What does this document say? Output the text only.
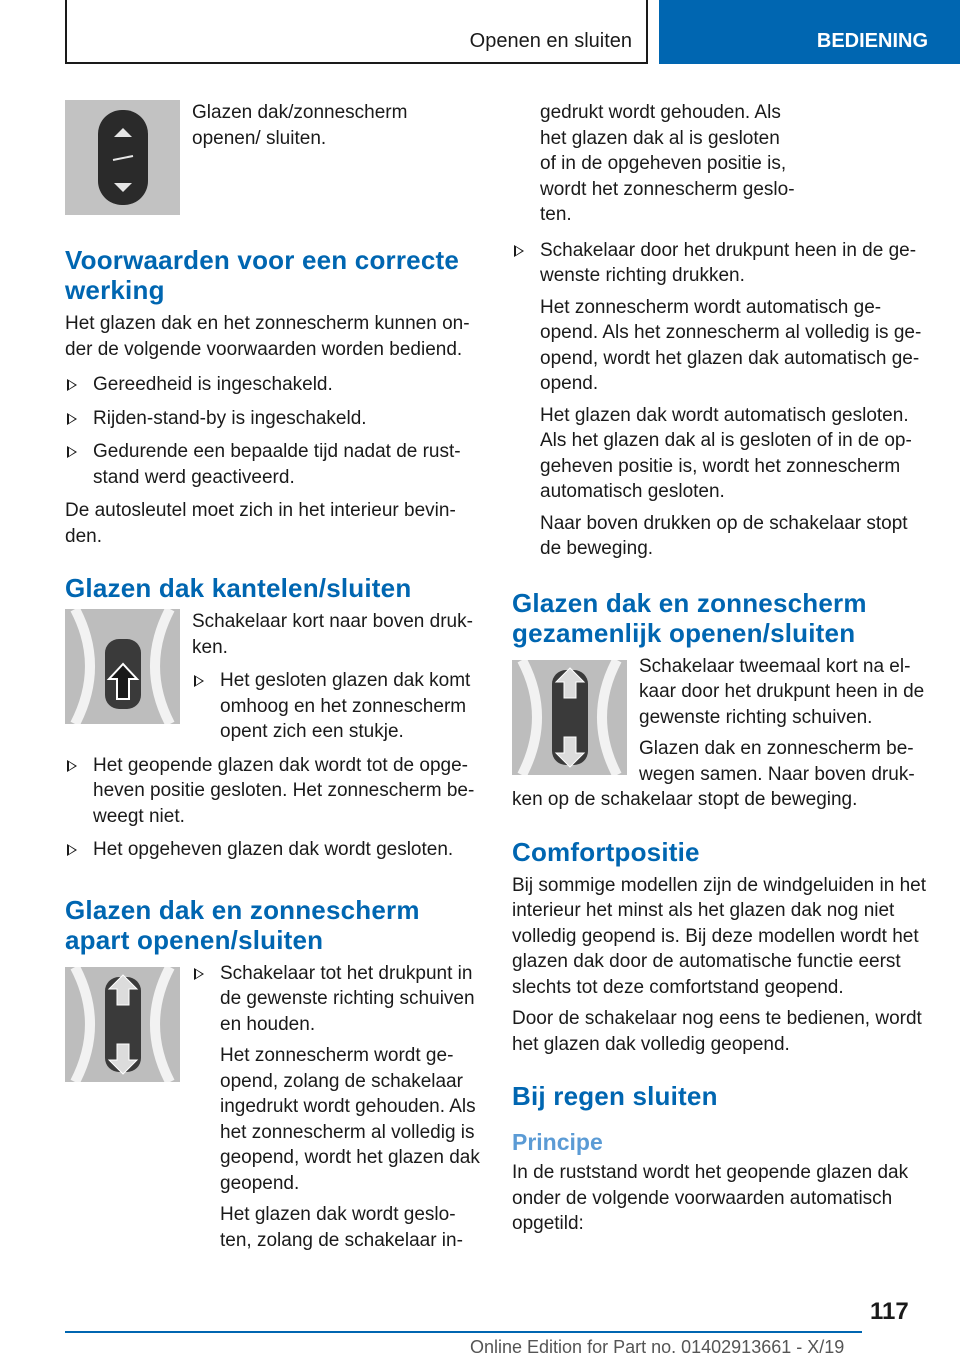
Openen en sluiten	BEDIENING

Glazen dak/zonnescherm openen/ sluiten.

Voorwaarden voor een correcte werking

Het glazen dak en het zonnescherm kunnen onder de volgende voorwaarden worden bediend.

Gereedheid is ingeschakeld.
Rijden-stand-by is ingeschakeld.
Gedurende een bepaalde tijd nadat de ruststand werd geactiveerd.

De autosleutel moet zich in het interieur bevinden.

Glazen dak kantelen/sluiten

Schakelaar kort naar boven drukken.

Het gesloten glazen dak komt omhoog en het zonnescherm opent zich een stukje.
Het geopende glazen dak wordt tot de opgeheven positie gesloten. Het zonnescherm beweegt niet.
Het opgeheven glazen dak wordt gesloten.
Glazen dak en zonnescherm apart openen/sluiten
Schakelaar tot het drukpunt in de gewenste richting schuiven en houden.

Het zonnescherm wordt geopend, zolang de schakelaar ingedrukt wordt gehouden. Als het zonnescherm al volledig is geopend, wordt het glazen dak geopend.

Het glazen dak wordt gesloten, zolang de schakelaar in-

gedrukt wordt gehouden. Als het glazen dak al is gesloten of in de opgeheven positie is, wordt het zonnescherm gesloten.

Schakelaar door het drukpunt heen in de gewenste richting drukken.

Het zonnescherm wordt automatisch geopend. Als het zonnescherm al volledig is geopend, wordt het glazen dak automatisch geopend.

Het glazen dak wordt automatisch gesloten. Als het glazen dak al is gesloten of in de opgeheven positie is, wordt het zonnescherm automatisch gesloten.

Naar boven drukken op de schakelaar stopt de beweging.

Glazen dak en zonnescherm gezamenlijk openen/sluiten

Schakelaar tweemaal kort na elkaar door het drukpunt heen in de gewenste richting schuiven.

Glazen dak en zonnescherm bewegen samen. Naar boven drukken op de schakelaar stopt de beweging.

Comfortpositie

Bij sommige modellen zijn de windgeluiden in het interieur het minst als het glazen dak nog niet volledig geopend is. Bij deze modellen wordt het glazen dak door de automatische functie eerst slechts tot deze comfortstand geopend.

Door de schakelaar nog eens te bedienen, wordt het glazen dak volledig geopend.

Bij regen sluiten
Principe

In de ruststand wordt het geopende glazen dak onder de volgende voorwaarden automatisch opgetild:

117
Online Edition for Part no. 01402913661 - X/19
